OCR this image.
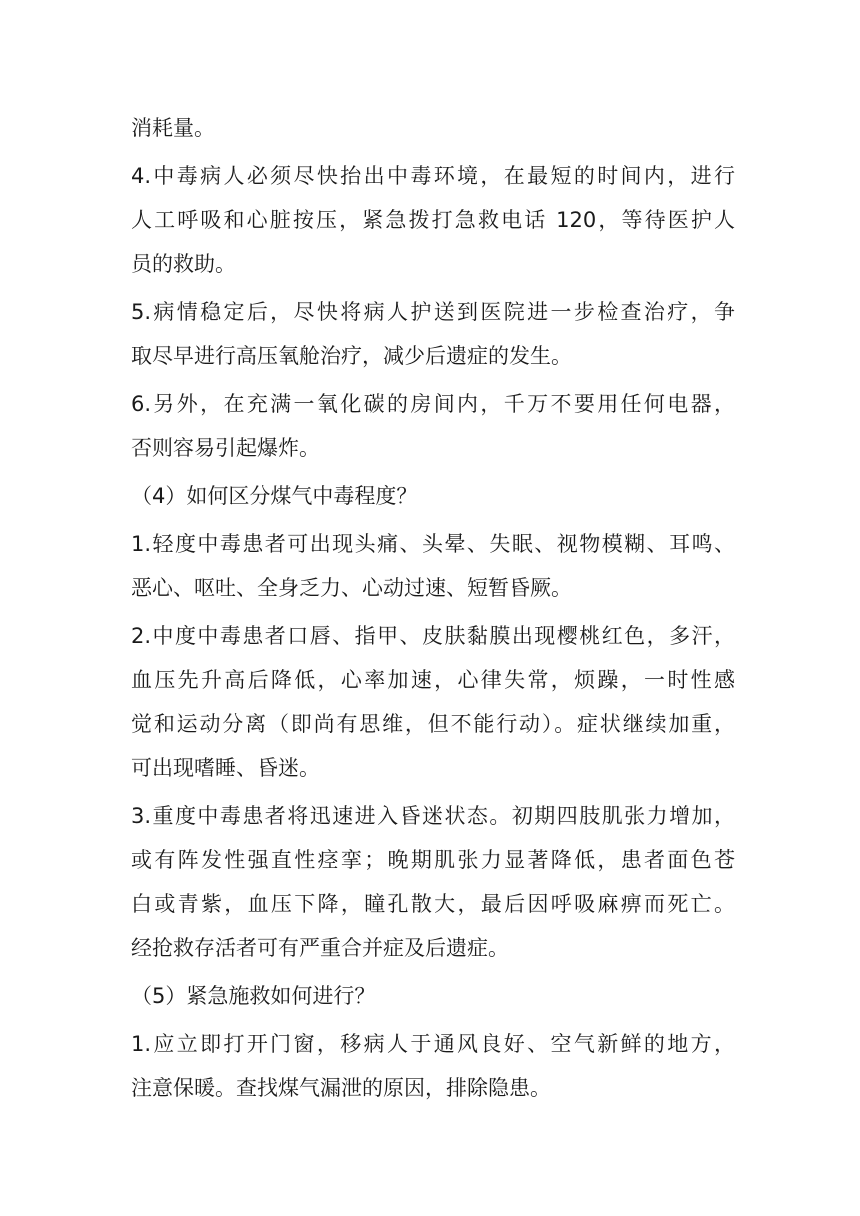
消耗量。
4.中毒病人必须尽快抬出中毒环境，在最短的时间内，进行
人工呼吸和心脏按压，紧急拨打急救电话 120，等待医护人
员的救助。
5.病情稳定后，尽快将病人护送到医院进一步检查治疗，争
取尽早进行高压氧舱治疗，减少后遗症的发生。
6.另外，在充满一氧化碳的房间内，千万不要用任何电器，
否则容易引起爆炸。
（4）如何区分煤气中毒程度？
1.轻度中毒患者可出现头痛、头晕、失眠、视物模糊、耳鸣、
恶心、呕吐、全身乏力、心动过速、短暂昏厥。
2.中度中毒患者口唇、指甲、皮肤黏膜出现樱桃红色，多汗，
血压先升高后降低，心率加速，心律失常，烦躁，一时性感
觉和运动分离（即尚有思维，但不能行动）。症状继续加重，
可出现嗜睡、昏迷。
3.重度中毒患者将迅速进入昏迷状态。初期四肢肌张力增加，
或有阵发性强直性痉挛；晚期肌张力显著降低，患者面色苍
白或青紫，血压下降，瞳孔散大，最后因呼吸麻痹而死亡。
经抢救存活者可有严重合并症及后遗症。
（5）紧急施救如何进行？
1.应立即打开门窗，移病人于通风良好、空气新鲜的地方，
注意保暖。查找煤气漏泄的原因，排除隐患。
